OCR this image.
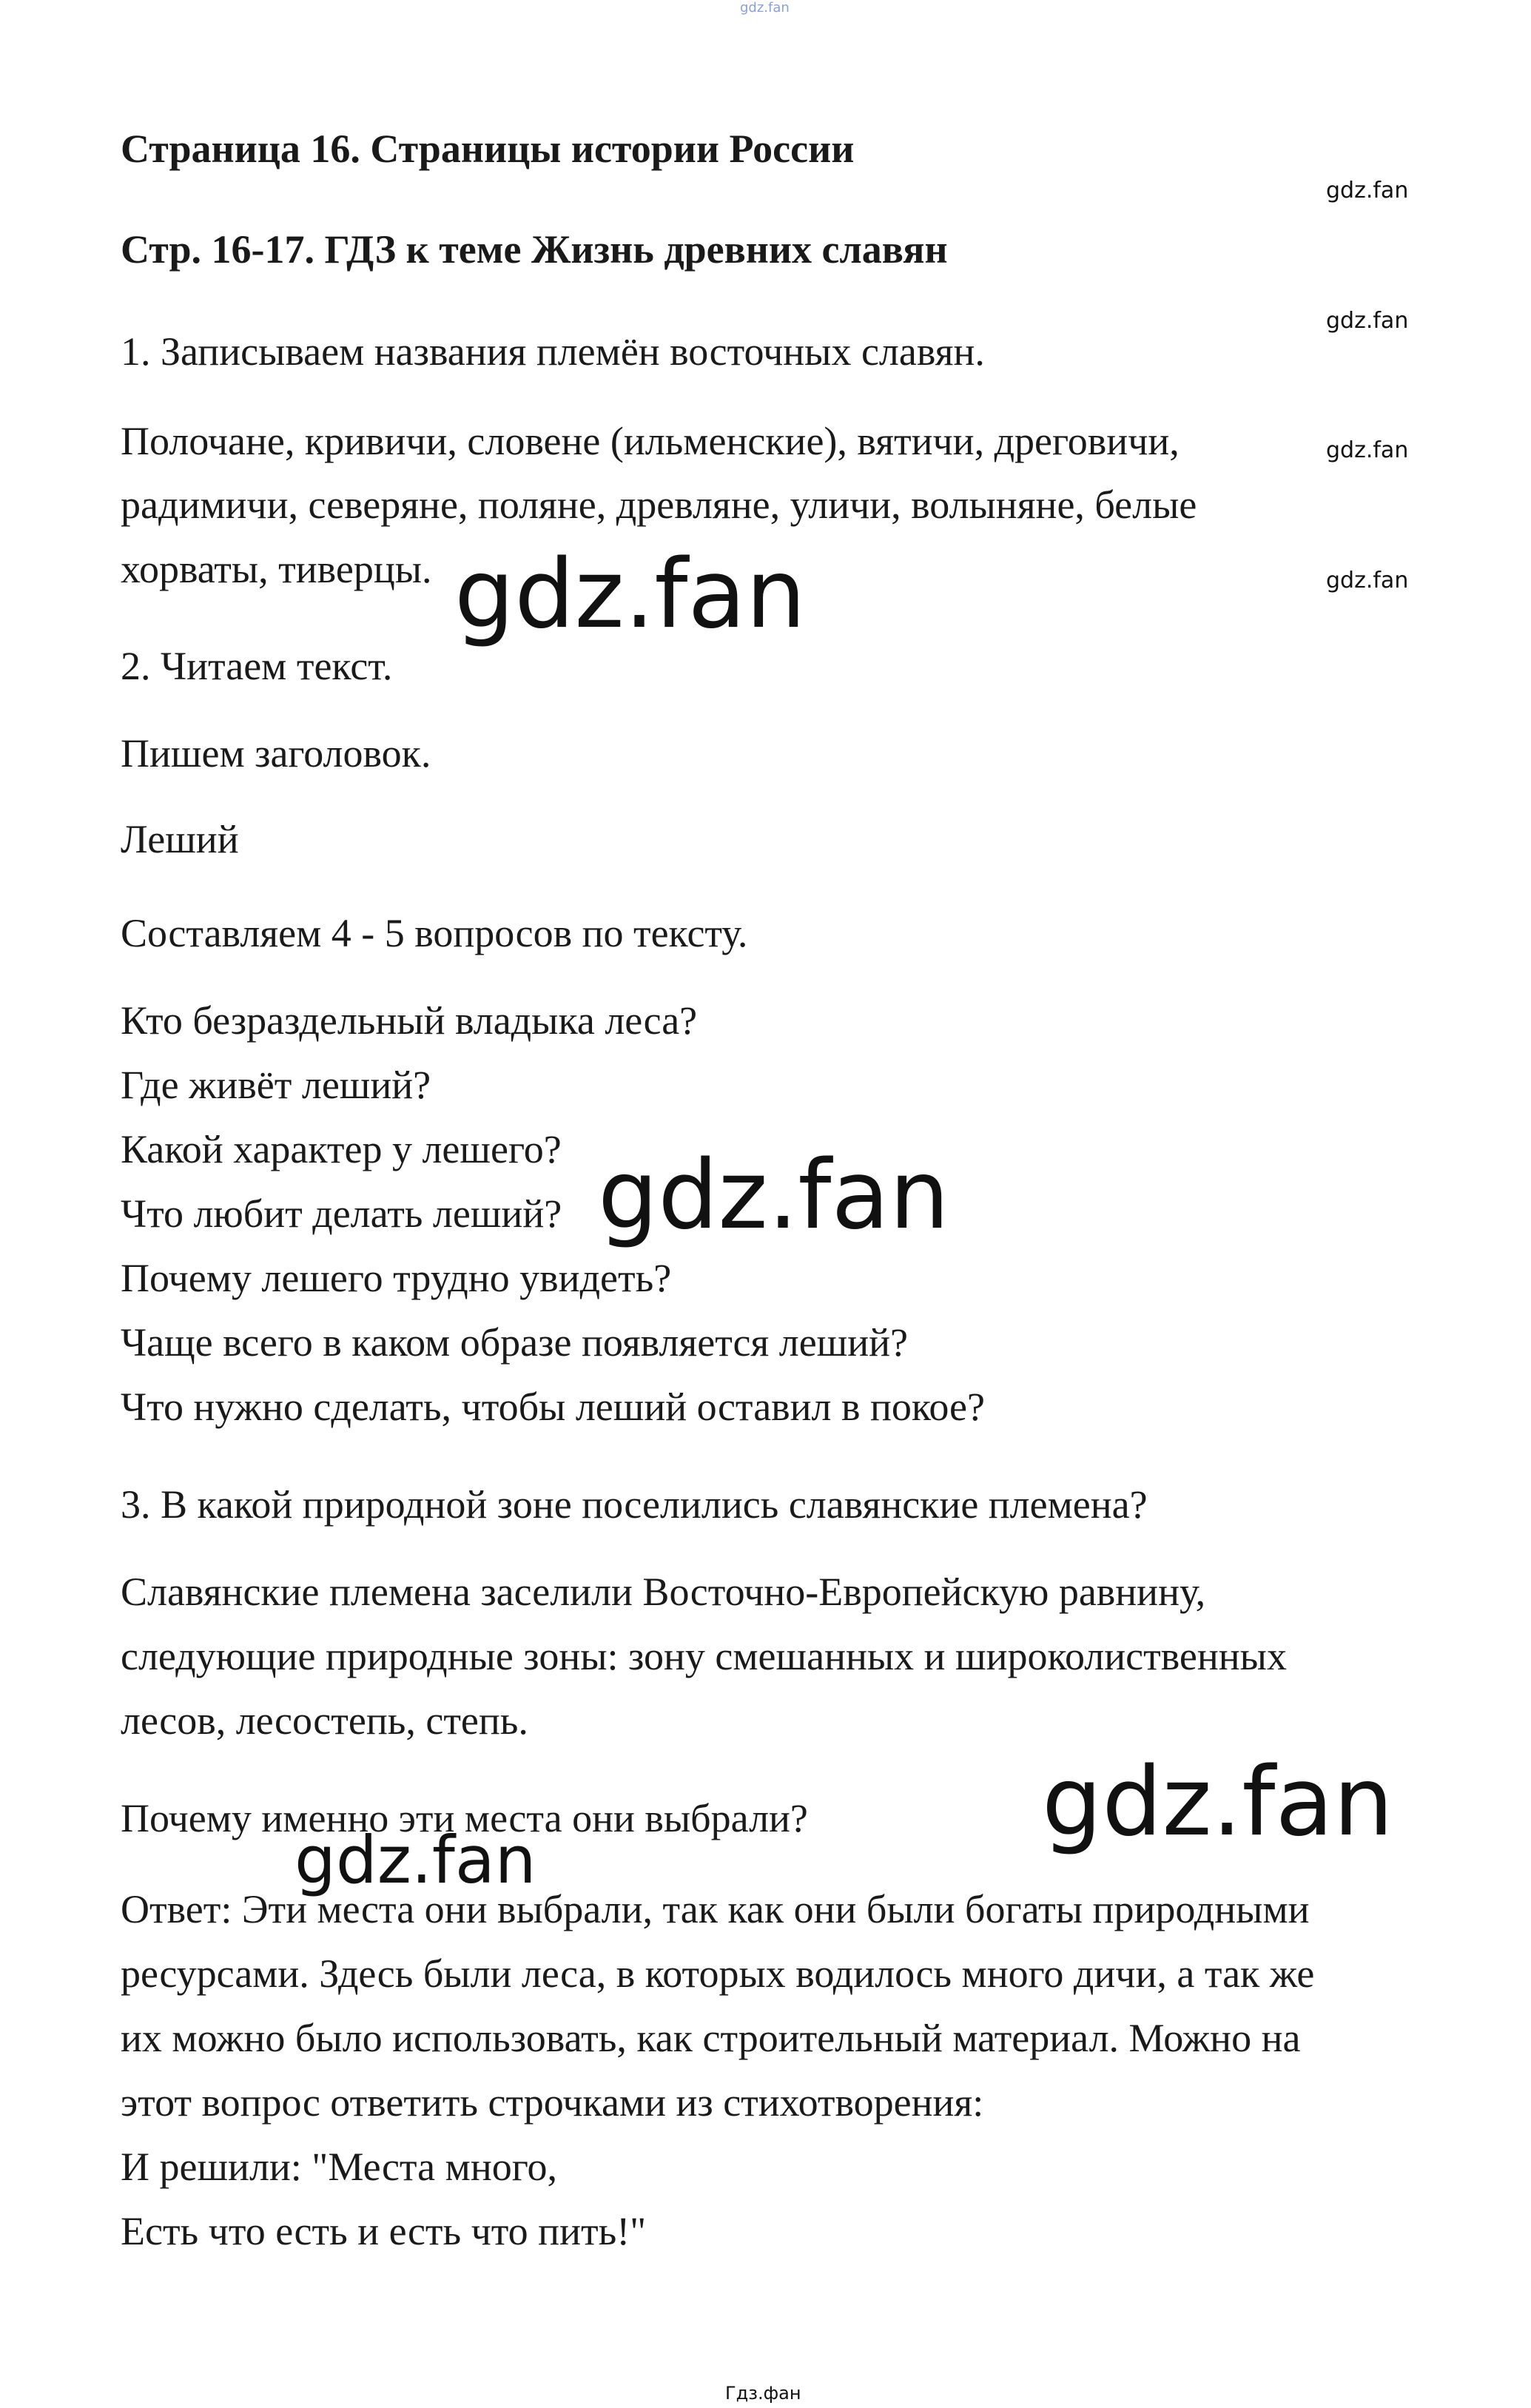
gdz.fan
Страница 16. Страницы истории России
gdz.fan
Стр. 16-17. ГДЗ к теме Жизнь древних славян
gdz.fan
1. Записываем названия племён восточных славян.
Полочане, кривичи, словене (ильменские), вятичи, дреговичи,	gdz.fan
радимичи, северяне, поляне, древляне, уличи, волыняне, белые
хорваты, тиверцы.	gdz.fan
gdz.fan
2. Читаем текст.
Пишем заголовок.
Леший
Составляем 4 - 5 вопросов по тексту.
Кто безраздельный владыка леса?
Где живёт леший?
Какой характер у лешего?
Что любит делать леший? gdz.fan
Почему лешего трудно увидеть?
Чаще всего в каком образе появляется леший?
Что нужно сделать, чтобы леший оставил в покое?
3. В какой природной зоне поселились славянские племена?
Славянские племена заселили Восточно-Европейскую равнину,
следующие природные зоны: зону смешанных и широколиственных
лесов, лесостепь, степь.
gdz.fan
Почему именно эти места они выбрали?
gdz.fan
Ответ: Эти места они выбрали, так как они были богаты природными
ресурсами. Здесь были леса, в которых водилось много дичи, а так же
их можно было использовать, как строительный материал. Можно на
этот вопрос ответить строчками из стихотворения:
И решили: "Места много,
Есть что есть и есть что пить!"
Гдз.фан
